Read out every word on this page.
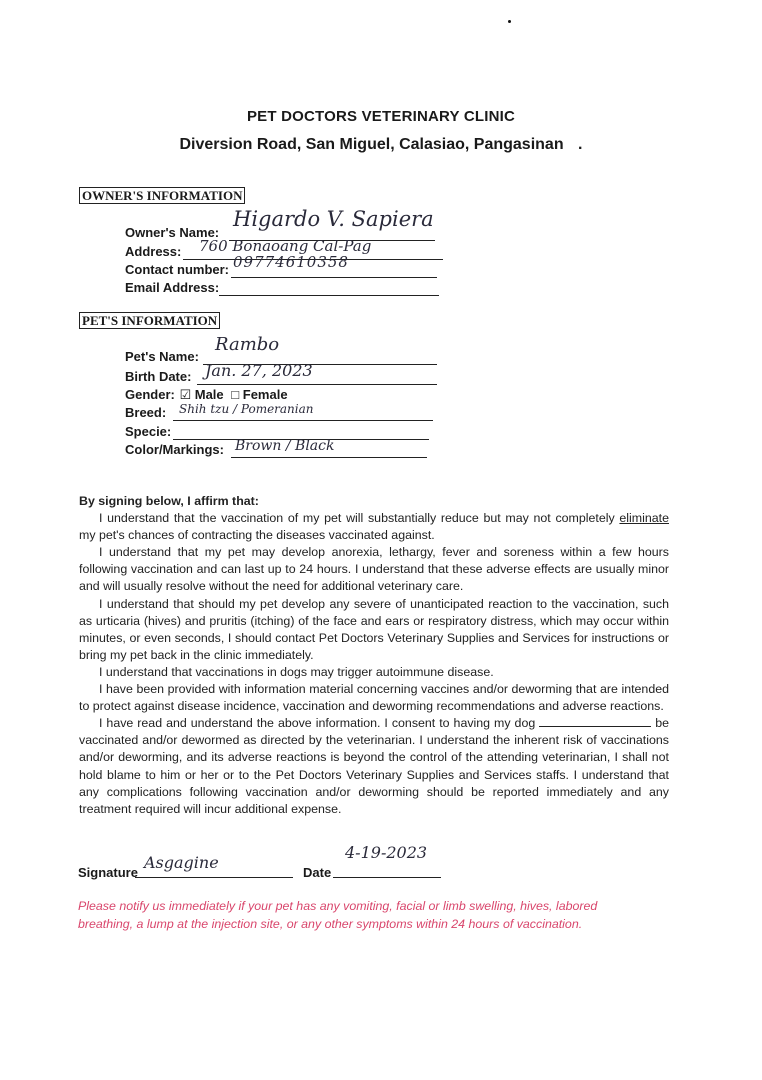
PET DOCTORS VETERINARY CLINIC
Diversion Road, San Miguel, Calasiao, Pangasinan .
OWNER'S INFORMATION
Owner's Name:
Higardo V. Sapiera
Address: 760 Bonaoang Cal-Pag
Contact number: 09774610358
Email Address:
PET'S INFORMATION
Pet's Name:
Rambo
Birth Date: Jan. 27, 2023
Gender: ☑ Male □ Female
Breed: Shih tzu / Pomeranian
Specie:
Color/Markings: Brown / Black

By signing below, I affirm that:

I understand that the vaccination of my pet will substantially reduce but may not completely eliminate my pet's chances of contracting the diseases vaccinated against.

I understand that my pet may develop anorexia, lethargy, fever and soreness within a few hours following vaccination and can last up to 24 hours. I understand that these adverse effects are usually minor and will usually resolve without the need for additional veterinary care.

I understand that should my pet develop any severe of unanticipated reaction to the vaccination, such as urticaria (hives) and pruritis (itching) of the face and ears or respiratory distress, which may occur within minutes, or even seconds, I should contact Pet Doctors Veterinary Supplies and Services for instructions or bring my pet back in the clinic immediately.

I understand that vaccinations in dogs may trigger autoimmune disease.

I have been provided with information material concerning vaccines and/or deworming that are intended to protect against disease incidence, vaccination and deworming recommendations and adverse reactions.

I have read and understand the above information. I consent to having my dog	be vaccinated and/or dewormed as directed by the veterinarian. I understand the inherent risk of vaccinations and/or deworming, and its adverse reactions is beyond the control of the attending veterinarian, I shall not hold blame to him or her or to the Pet Doctors Veterinary Supplies and Services staffs. I understand that any complications following vaccination and/or deworming should be reported immediately and any treatment required will incur additional expense.

Signature
Asgagine
Date
4-19-2023
Please notify us immediately if your pet has any vomiting, facial or limb swelling, hives, labored breathing, a lump at the injection site, or any other symptoms within 24 hours of vaccination.
